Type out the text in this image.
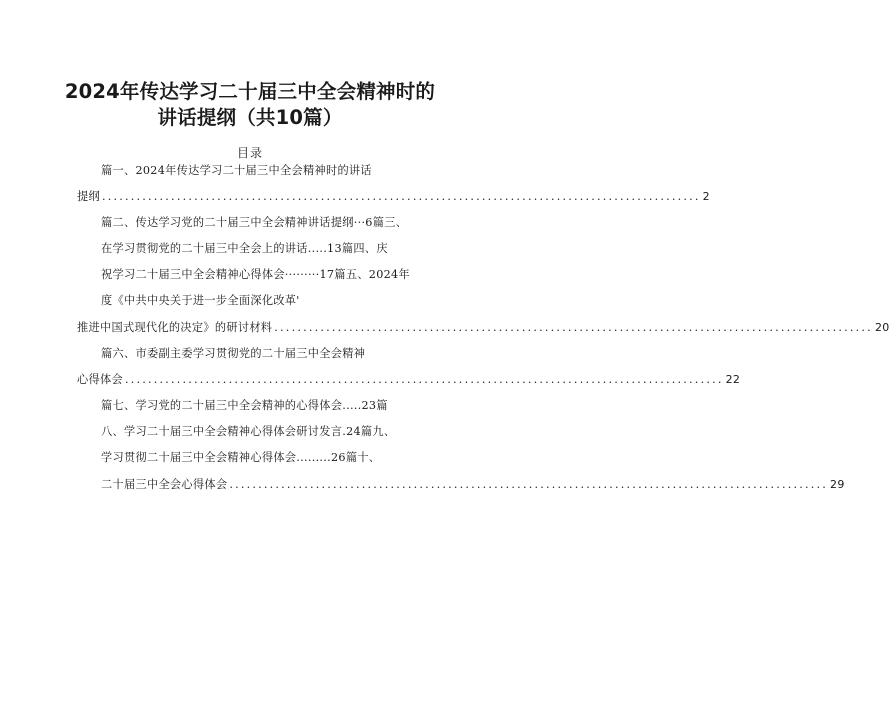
2024年传达学习二十届三中全会精神时的
讲话提纲（共10篇）
目录
篇一、2024年传达学习二十届三中全会精神时的讲话
提纲 ........................................................................................................ 2
篇二、传达学习党的二十届三中全会精神讲话提纲···6篇三、
在学习贯彻党的二十届三中全会上的讲话.....13篇四、庆
祝学习二十届三中全会精神心得体会·········17篇五、2024年
度《中共中央关于进一步全面深化改革'
推进中国式现代化的决定》的研讨材料 ........................................................................................................ 20
篇六、市委副主委学习贯彻党的二十届三中全会精神
心得体会 ........................................................................................................ 22
篇七、学习党的二十届三中全会精神的心得体会.....23篇
八、学习二十届三中全会精神心得体会研讨发言.24篇九、
学习贯彻二十届三中全会精神心得体会.........26篇十、
二十届三中全会心得体会 ........................................................................................................ 29
